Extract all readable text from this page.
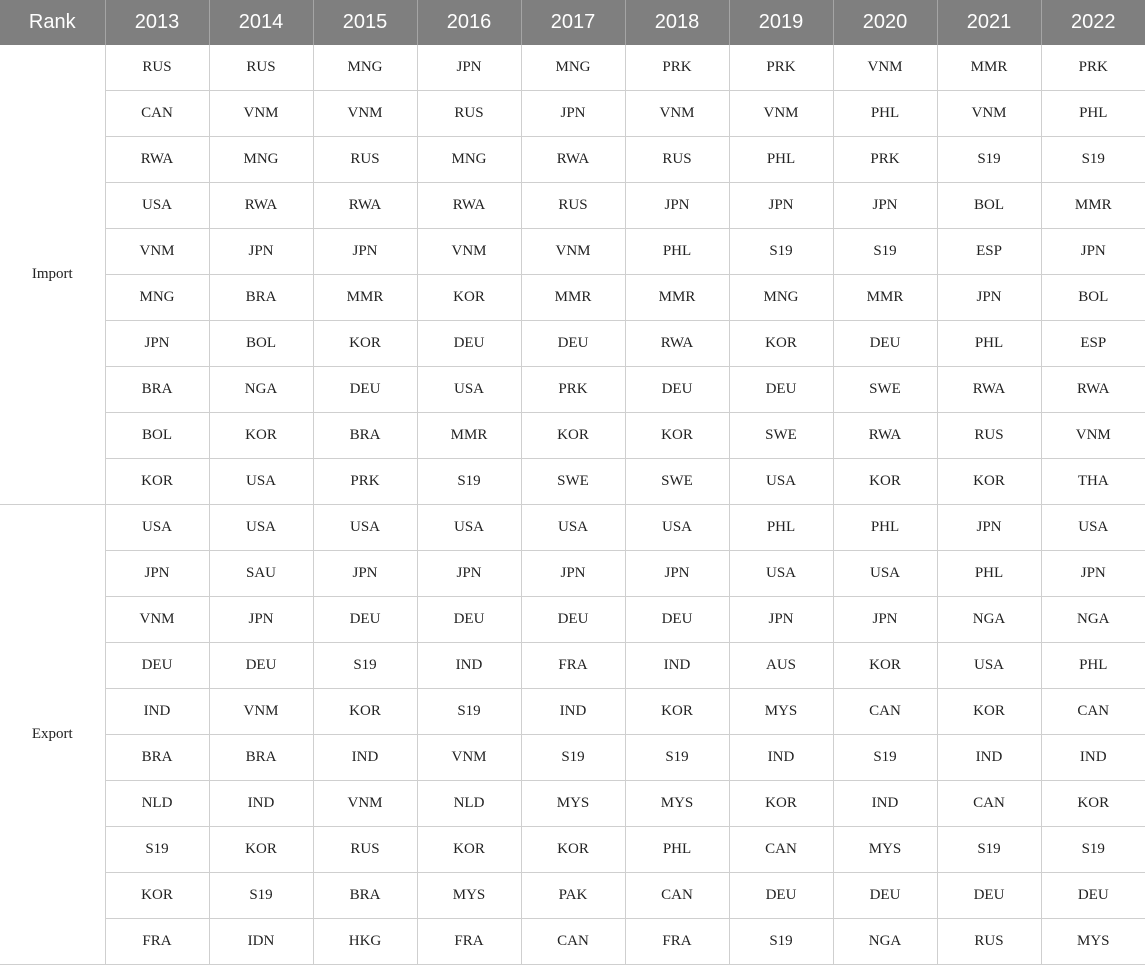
Rank	2013	2014	2015	2016	2017	2018	2019	2020	2021	2022
Import	RUS	RUS	MNG	JPN	MNG	PRK	PRK	VNM	MMR	PRK
	CAN	VNM	VNM	RUS	JPN	VNM	VNM	PHL	VNM	PHL
	RWA	MNG	RUS	MNG	RWA	RUS	PHL	PRK	S19	S19
	USA	RWA	RWA	RWA	RUS	JPN	JPN	JPN	BOL	MMR
	VNM	JPN	JPN	VNM	VNM	PHL	S19	S19	ESP	JPN
	MNG	BRA	MMR	KOR	MMR	MMR	MNG	MMR	JPN	BOL
	JPN	BOL	KOR	DEU	DEU	RWA	KOR	DEU	PHL	ESP
	BRA	NGA	DEU	USA	PRK	DEU	DEU	SWE	RWA	RWA
	BOL	KOR	BRA	MMR	KOR	KOR	SWE	RWA	RUS	VNM
	KOR	USA	PRK	S19	SWE	SWE	USA	KOR	KOR	THA
Export	USA	USA	USA	USA	USA	USA	PHL	PHL	JPN	USA
	JPN	SAU	JPN	JPN	JPN	JPN	USA	USA	PHL	JPN
	VNM	JPN	DEU	DEU	DEU	DEU	JPN	JPN	NGA	NGA
	DEU	DEU	S19	IND	FRA	IND	AUS	KOR	USA	PHL
	IND	VNM	KOR	S19	IND	KOR	MYS	CAN	KOR	CAN
	BRA	BRA	IND	VNM	S19	S19	IND	S19	IND	IND
	NLD	IND	VNM	NLD	MYS	MYS	KOR	IND	CAN	KOR
	S19	KOR	RUS	KOR	KOR	PHL	CAN	MYS	S19	S19
	KOR	S19	BRA	MYS	PAK	CAN	DEU	DEU	DEU	DEU
	FRA	IDN	HKG	FRA	CAN	FRA	S19	NGA	RUS	MYS
